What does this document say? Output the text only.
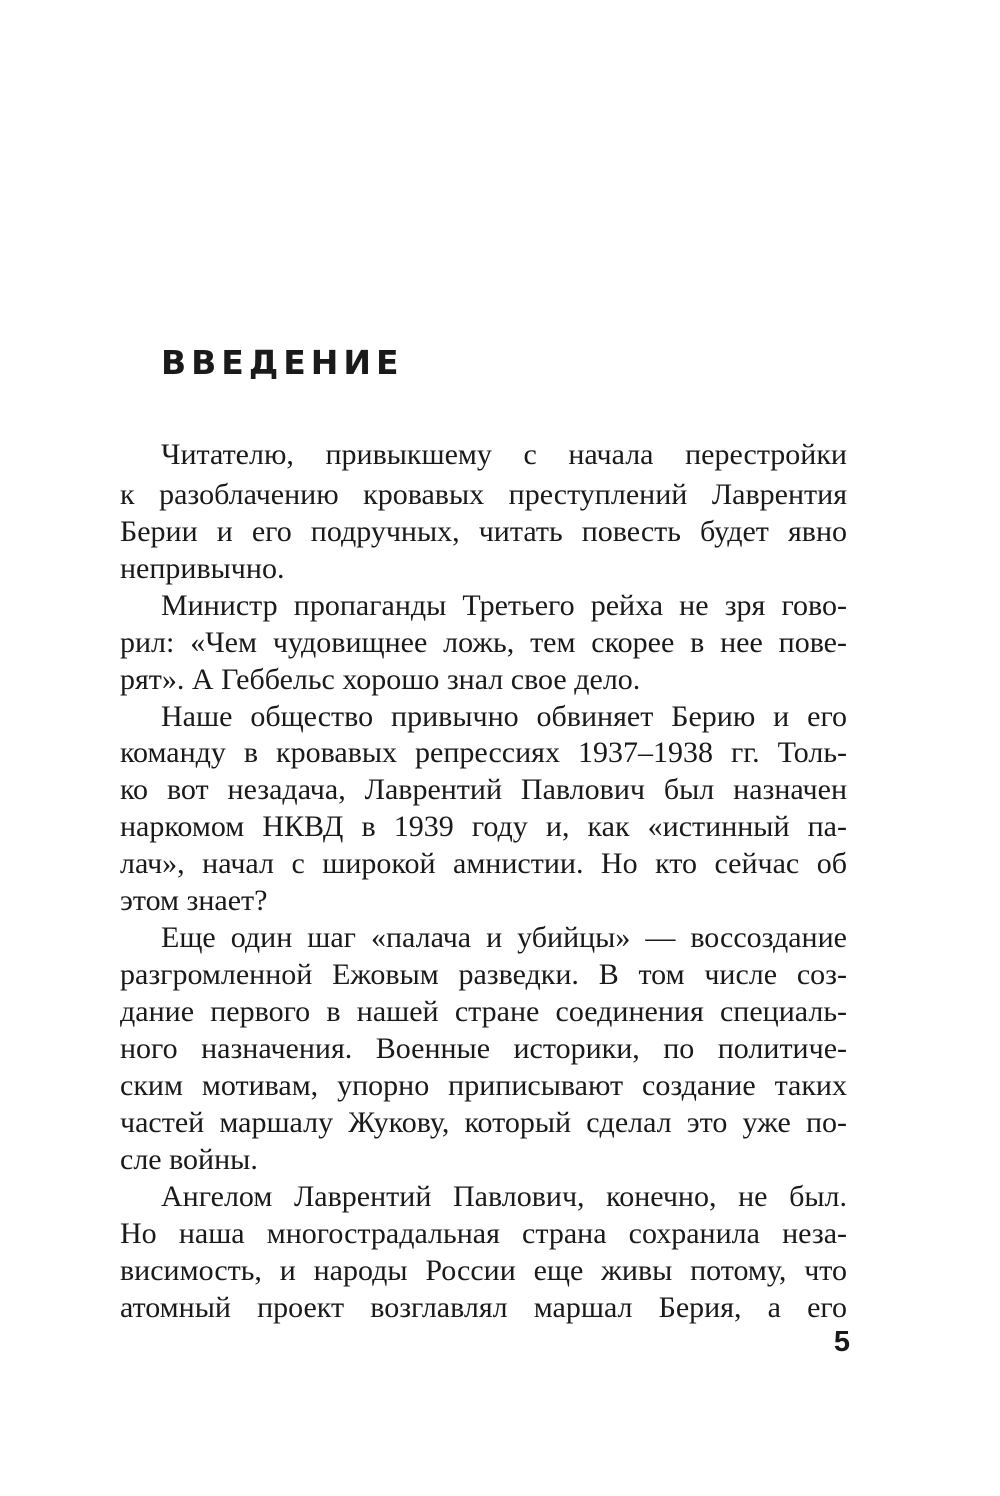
ВВЕДЕНИЕ
Читателю, привыкшему с начала перестройки
к разоблачению кровавых преступлений Лаврентия
Берии и его подручных, читать повесть будет явно
непривычно.
Министр пропаганды Третьего рейха не зря гово-
рил: «Чем чудовищнее ложь, тем скорее в нее пове-
рят». А Геббельс хорошо знал свое дело.
Наше общество привычно обвиняет Берию и его
команду в кровавых репрессиях 1937–1938 гг. Толь-
ко вот незадача, Лаврентий Павлович был назначен
наркомом НКВД в 1939 году и, как «истинный па-
лач», начал с широкой амнистии. Но кто сейчас об
этом знает?
Еще один шаг «палача и убийцы» — воссоздание
разгромленной Ежовым разведки. В том числе соз-
дание первого в нашей стране соединения специаль-
ного назначения. Военные историки, по политиче-
ским мотивам, упорно приписывают создание таких
частей маршалу Жукову, который сделал это уже по-
сле войны.
Ангелом Лаврентий Павлович, конечно, не был.
Но наша многострадальная страна сохранила неза-
висимость, и народы России еще живы потому, что
атомный проект возглавлял маршал Берия, а его
5
